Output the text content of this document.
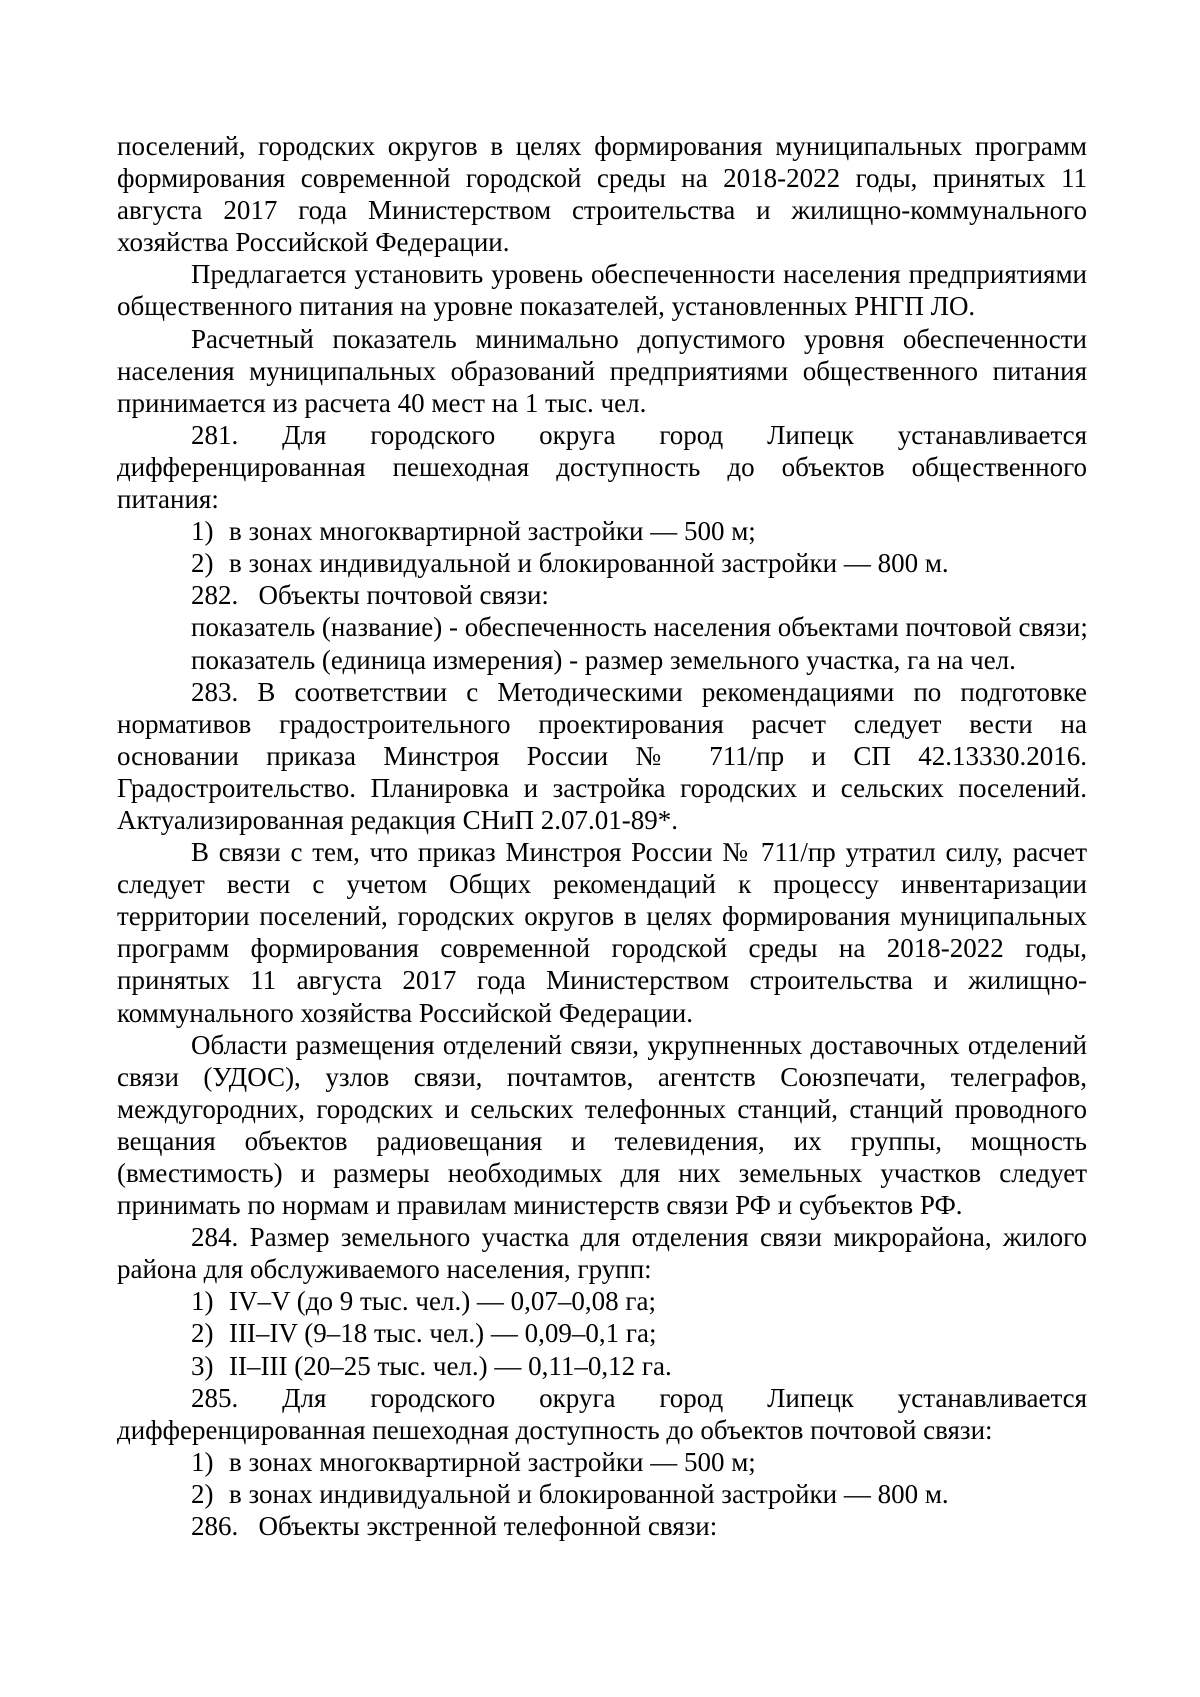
поселений, городских округов в целях формирования муниципальных программ формирования современной городской среды на 2018-2022 годы, принятых 11 августа 2017 года Министерством строительства и жилищно-коммунального хозяйства Российской Федерации.

Предлагается установить уровень обеспеченности населения предприятиями общественного питания на уровне показателей, установленных РНГП ЛО.

Расчетный показатель минимально допустимого уровня обеспеченности населения муниципальных образований предприятиями общественного питания принимается из расчета 40 мест на 1 тыс. чел.

281. Для городского округа город Липецк устанавливается дифференцированная пешеходная доступность до объектов общественного питания:

1) в зонах многоквартирной застройки — 500 м;

2) в зонах индивидуальной и блокированной застройки — 800 м.

282.   Объекты почтовой связи:

показатель (название) - обеспеченность населения объектами почтовой связи;

показатель (единица измерения) - размер земельного участка, га на чел.

283. В соответствии с Методическими рекомендациями по подготовке нормативов градостроительного проектирования расчет следует вести на основании приказа Минстроя России № 711/пр и СП 42.13330.2016. Градостроительство. Планировка и застройка городских и сельских поселений. Актуализированная редакция СНиП 2.07.01-89*.

В связи с тем, что приказ Минстроя России № 711/пр утратил силу, расчет следует вести с учетом Общих рекомендаций к процессу инвентаризации территории поселений, городских округов в целях формирования муниципальных программ формирования современной городской среды на 2018-2022 годы, принятых 11 августа 2017 года Министерством строительства и жилищно-коммунального хозяйства Российской Федерации.

Области размещения отделений связи, укрупненных доставочных отделений связи (УДОС), узлов связи, почтамтов, агентств Союзпечати, телеграфов, междугородних, городских и сельских телефонных станций, станций проводного вещания объектов радиовещания и телевидения, их группы, мощность (вместимость) и размеры необходимых для них земельных участков следует принимать по нормам и правилам министерств связи РФ и субъектов РФ.

284. Размер земельного участка для отделения связи микрорайона, жилого района для обслуживаемого населения, групп:

1) IV–V (до 9 тыс. чел.) — 0,07–0,08 га;

2) III–IV (9–18 тыс. чел.) — 0,09–0,1 га;

3) II–III (20–25 тыс. чел.) — 0,11–0,12 га.

285. Для городского округа город Липецк устанавливается дифференцированная пешеходная доступность до объектов почтовой связи:

1) в зонах многоквартирной застройки — 500 м;

2) в зонах индивидуальной и блокированной застройки — 800 м.

286.   Объекты экстренной телефонной связи:
